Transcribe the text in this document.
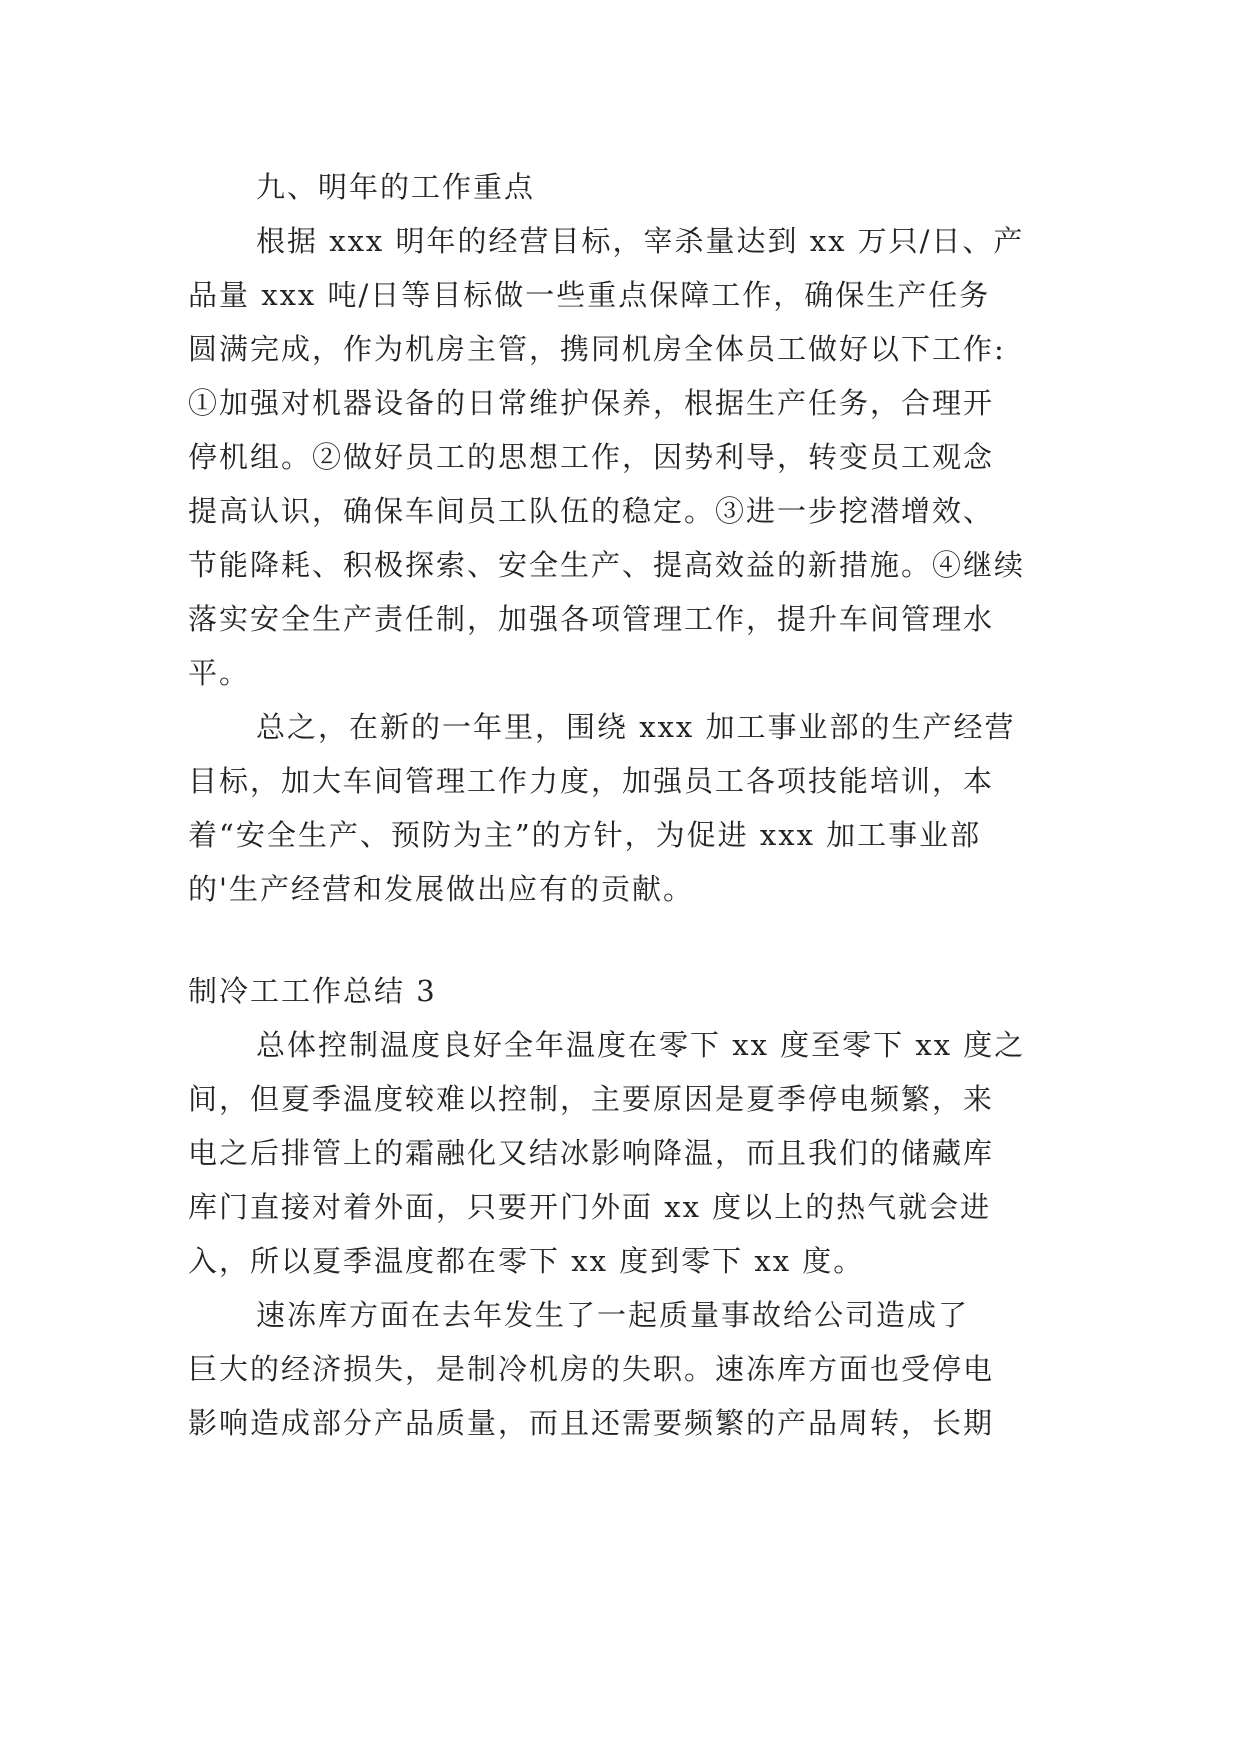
九、明年的工作重点
根据 xxx 明年的经营目标，宰杀量达到 xx 万只/日、产
品量 xxx 吨/日等目标做一些重点保障工作，确保生产任务
圆满完成，作为机房主管，携同机房全体员工做好以下工作:
①加强对机器设备的日常维护保养，根据生产任务，合理开
停机组。②做好员工的思想工作，因势利导，转变员工观念
提高认识，确保车间员工队伍的稳定。③进一步挖潜增效、
节能降耗、积极探索、安全生产、提高效益的新措施。④继续
落实安全生产责任制，加强各项管理工作，提升车间管理水
平。
总之，在新的一年里，围绕 xxx 加工事业部的生产经营
目标，加大车间管理工作力度，加强员工各项技能培训，本
着“安全生产、预防为主”的方针，为促进 xxx 加工事业部
的'生产经营和发展做出应有的贡献。
制冷工工作总结 3
总体控制温度良好全年温度在零下 xx 度至零下 xx 度之
间，但夏季温度较难以控制，主要原因是夏季停电频繁，来
电之后排管上的霜融化又结冰影响降温，而且我们的储藏库
库门直接对着外面，只要开门外面 xx 度以上的热气就会进
入，所以夏季温度都在零下 xx 度到零下 xx 度。
速冻库方面在去年发生了一起质量事故给公司造成了
巨大的经济损失，是制冷机房的失职。速冻库方面也受停电
影响造成部分产品质量，而且还需要频繁的产品周转，长期
